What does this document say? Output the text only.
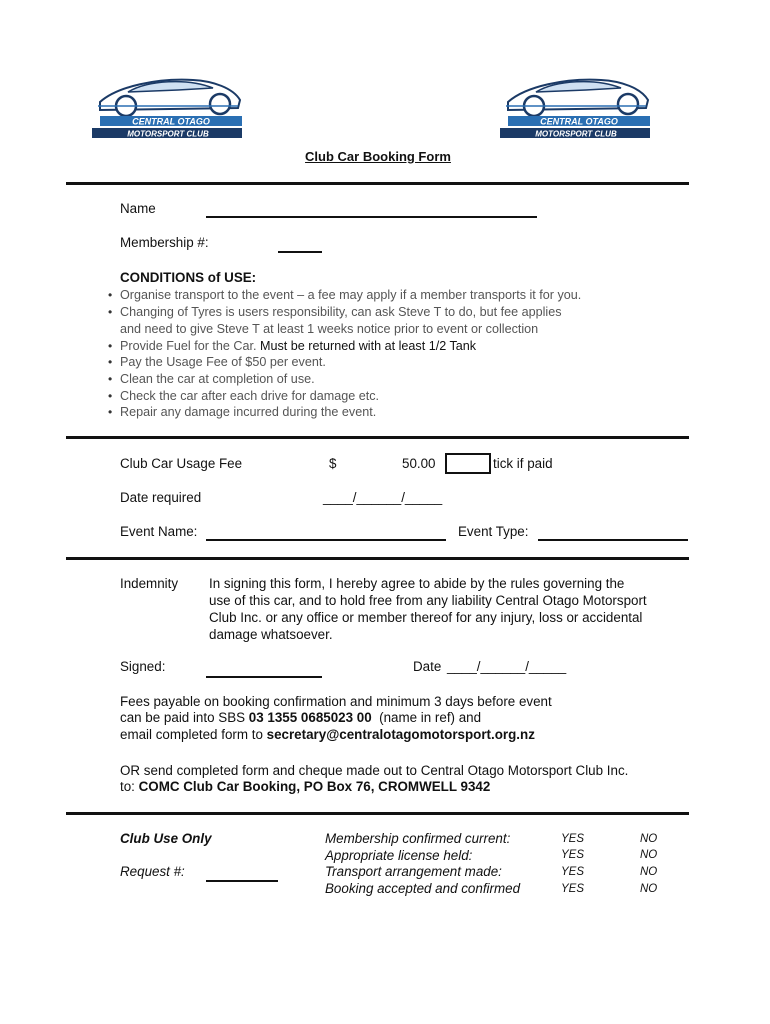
CENTRAL OTAGO
MOTORSPORT CLUB
CENTRAL OTAGO
MOTORSPORT CLUB
Club Car Booking Form
Name
Membership #:
CONDITIONS of USE:
• Organise transport to the event – a fee may apply if a member transports it for you.
• Changing of Tyres is users responsibility, can ask Steve T to do, but fee applies
and need to give Steve T at least 1 weeks notice prior to event or collection
• Provide Fuel for the Car. Must be returned with at least 1/2 Tank
• Pay the Usage Fee of $50 per event.
• Clean the car at completion of use.
• Check the car after each drive for damage etc.
• Repair any damage incurred during the event.
Club Car Usage Fee	$	50.00	tick if paid
Date required	____/______/_____
Event Name:	Event Type:
Indemnity In signing this form, I hereby agree to abide by the rules governing the
use of this car, and to hold free from any liability Central Otago Motorsport
Club Inc. or any office or member thereof for any injury, loss or accidental
damage whatsoever.
Signed:	Date ____/______/_____
Fees payable on booking confirmation and minimum 3 days before event
can be paid into SBS 03 1355 0685023 00  (name in ref) and
email completed form to secretary@centralotagomotorsport.org.nz
OR send completed form and cheque made out to Central Otago Motorsport Club Inc.
to: COMC Club Car Booking, PO Box 76, CROMWELL 9342
Club Use Only
Request #:
Membership confirmed current:	YES	NO
Appropriate license held:	YES	NO
Transport arrangement made:	YES	NO
Booking accepted and confirmed	YES	NO
